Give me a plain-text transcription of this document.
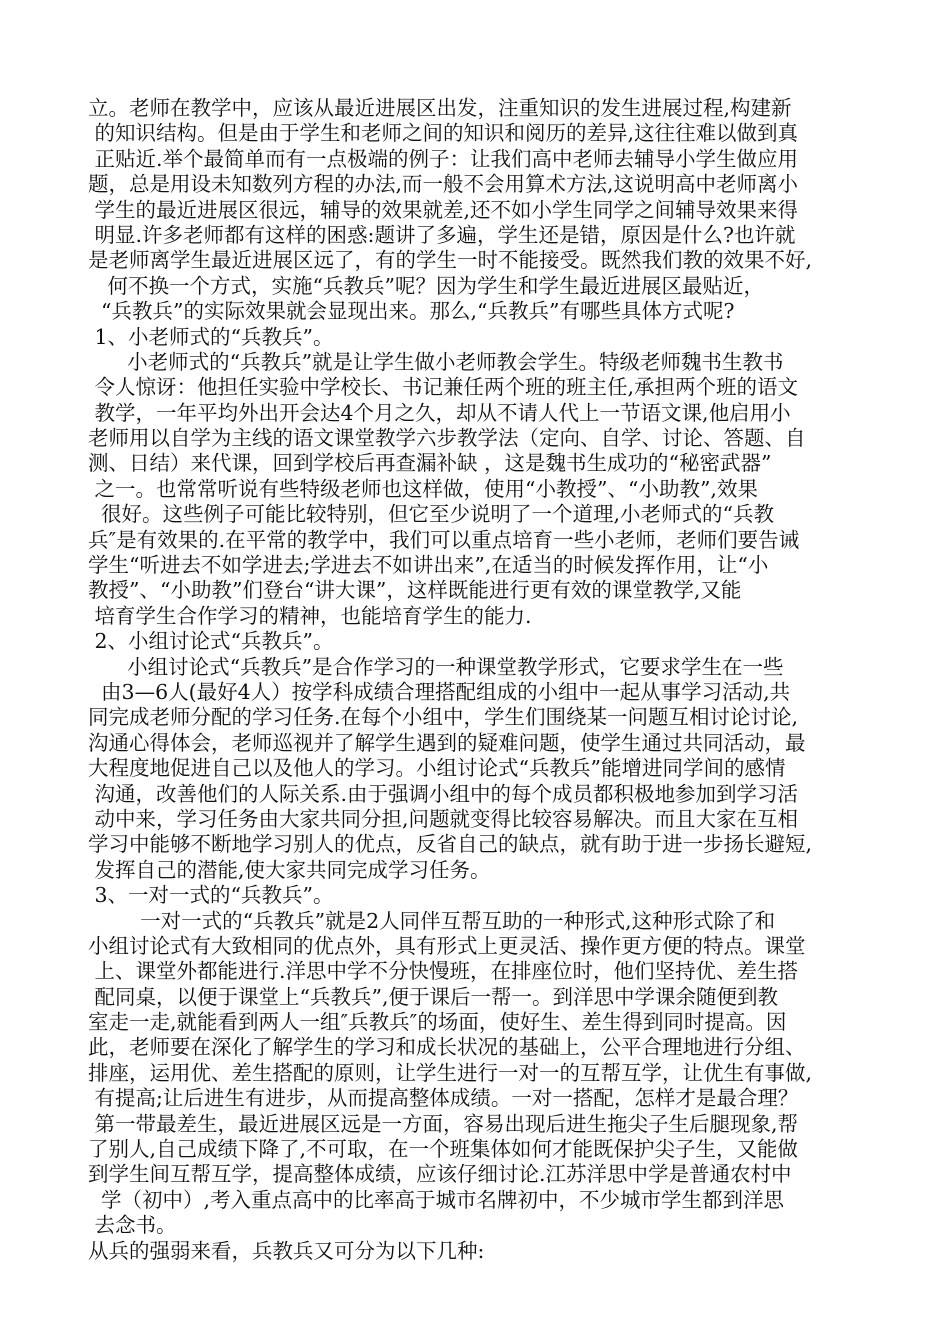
立。老师在教学中，应该从最近进展区出发，注重知识的发生进展过程,构建新
的知识结构。但是由于学生和老师之间的知识和阅历的差异,这往往难以做到真
正贴近.举个最简单而有一点极端的例子：让我们高中老师去辅导小学生做应用
题，总是用设未知数列方程的办法,而一般不会用算术方法,这说明高中老师离小
学生的最近进展区很远，辅导的效果就差,还不如小学生同学之间辅导效果来得
明显.许多老师都有这样的困惑:题讲了多遍，学生还是错，原因是什么?也许就
是老师离学生最近进展区远了，有的学生一时不能接受。既然我们教的效果不好,
何不换一个方式，实施“兵教兵”呢？因为学生和学生最近进展区最贴近，
“兵教兵”的实际效果就会显现出来。那么,“兵教兵”有哪些具体方式呢?
1、小老师式的“兵教兵”。
小老师式的“兵教兵”就是让学生做小老师教会学生。特级老师魏书生教书
令人惊讶：他担任实验中学校长、书记兼任两个班的班主任,承担两个班的语文
教学，一年平均外出开会达4个月之久，却从不请人代上一节语文课,他启用小
老师用以自学为主线的语文课堂教学六步教学法（定向、自学、讨论、答题、自
测、日结）来代课，回到学校后再查漏补缺 ，这是魏书生成功的“秘密武器”
之一。也常常听说有些特级老师也这样做，使用“小教授”、“小助教”,效果
很好。这些例子可能比较特别，但它至少说明了一个道理,小老师式的“兵教
兵″是有效果的.在平常的教学中，我们可以重点培育一些小老师，老师们要告诫
学生“听进去不如学进去;学进去不如讲出来”,在适当的时候发挥作用，让“小
教授”、“小助教”们登台“讲大课”，这样既能进行更有效的课堂教学,又能
培育学生合作学习的精神，也能培育学生的能力.
2、小组讨论式“兵教兵”。
小组讨论式“兵教兵”是合作学习的一种课堂教学形式，它要求学生在一些
由3—6人(最好4人）按学科成绩合理搭配组成的小组中一起从事学习活动,共
同完成老师分配的学习任务.在每个小组中，学生们围绕某一问题互相讨论讨论,
沟通心得体会，老师巡视并了解学生遇到的疑难问题，使学生通过共同活动，最
大程度地促进自己以及他人的学习。小组讨论式“兵教兵”能增进同学间的感情
沟通，改善他们的人际关系.由于强调小组中的每个成员都积极地参加到学习活
动中来，学习任务由大家共同分担,问题就变得比较容易解决。而且大家在互相
学习中能够不断地学习别人的优点，反省自己的缺点，就有助于进一步扬长避短,
发挥自己的潜能,使大家共同完成学习任务。
3、一对一式的“兵教兵”。
一对一式的“兵教兵”就是2人同伴互帮互助的一种形式,这种形式除了和
小组讨论式有大致相同的优点外，具有形式上更灵活、操作更方便的特点。课堂
上、课堂外都能进行.洋思中学不分快慢班，在排座位时，他们坚持优、差生搭
配同桌，以便于课堂上“兵教兵”,便于课后一帮一。到洋思中学课余随便到教
室走一走,就能看到两人一组″兵教兵″的场面，使好生、差生得到同时提高。因
此，老师要在深化了解学生的学习和成长状况的基础上，公平合理地进行分组、
排座，运用优、差生搭配的原则，让学生进行一对一的互帮互学，让优生有事做,
有提高;让后进生有进步，从而提高整体成绩。一对一搭配，怎样才是最合理？
第一带最差生，最近进展区远是一方面，容易出现后进生拖尖子生后腿现象,帮
了别人,自己成绩下降了,不可取，在一个班集体如何才能既保护尖子生，又能做
到学生间互帮互学，提高整体成绩，应该仔细讨论.江苏洋思中学是普通农村中
学（初中）,考入重点高中的比率高于城市名牌初中，不少城市学生都到洋思
去念书。
从兵的强弱来看，兵教兵又可分为以下几种:
